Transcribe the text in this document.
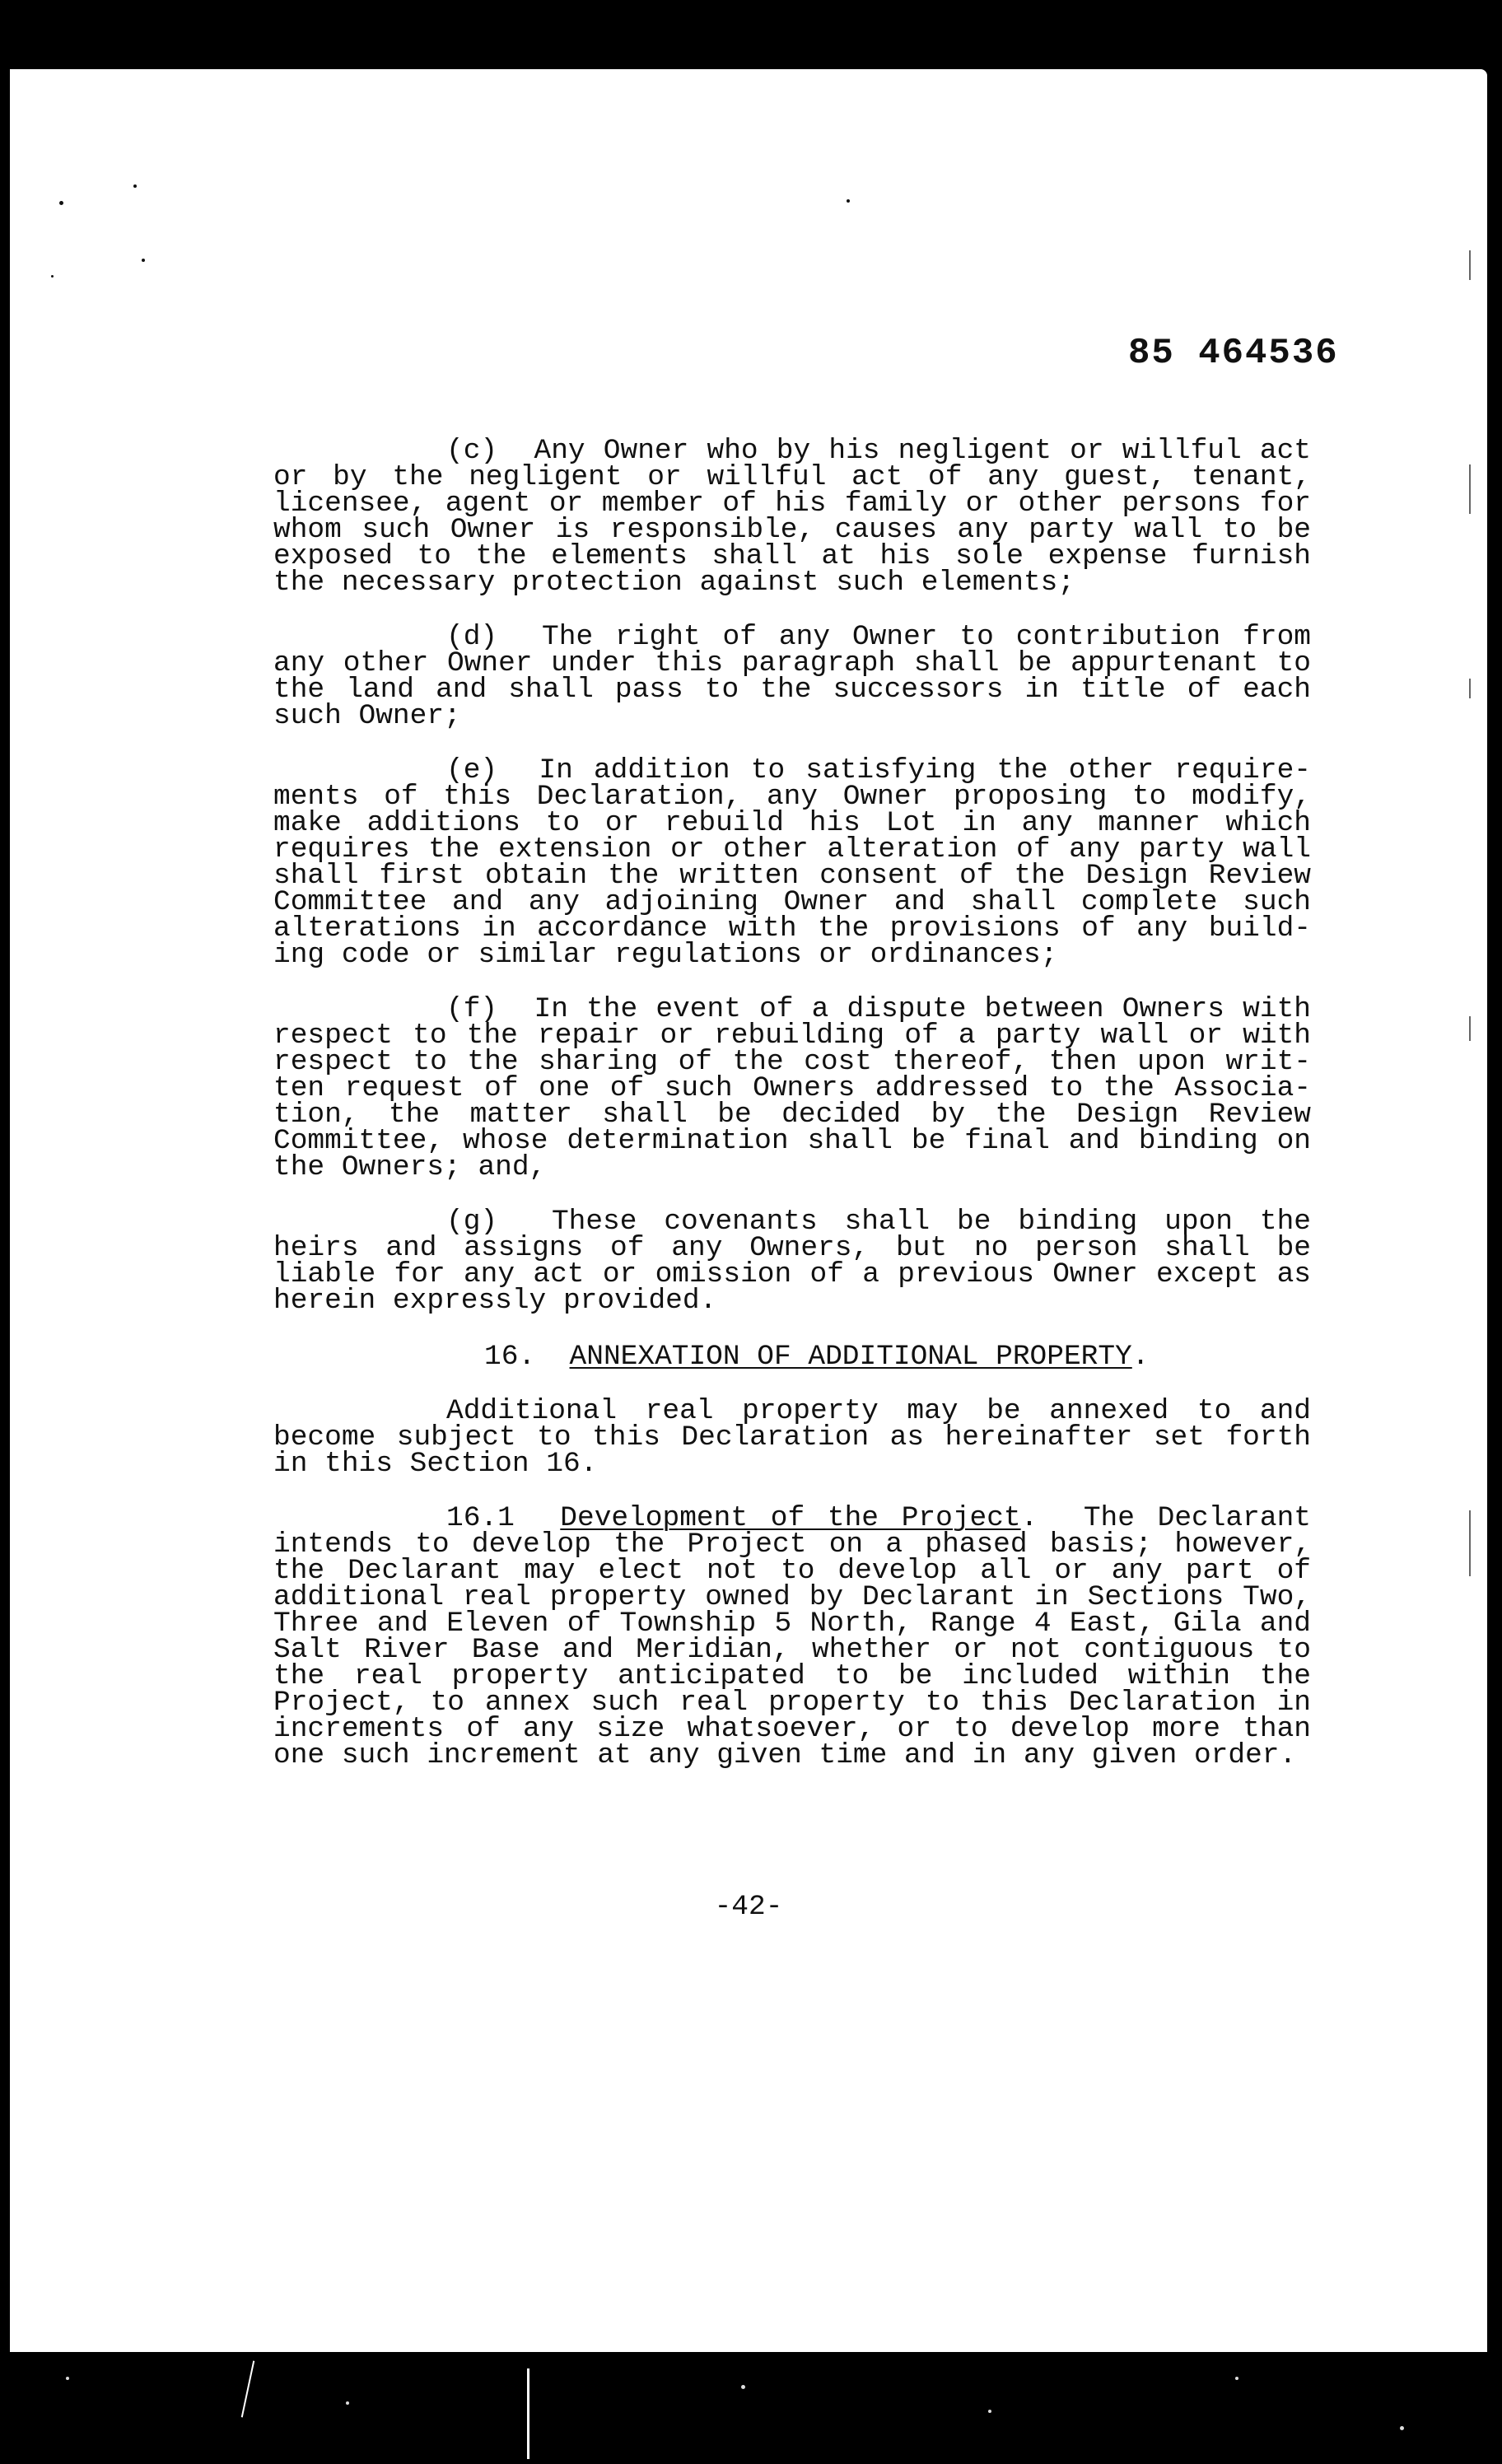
85 464536

(c) Any Owner who by his negligent or willful act or by the negligent or willful act of any guest, tenant, licensee, agent or member of his family or other persons for whom such Owner is responsible, causes any party wall to be exposed to the elements shall at his sole expense furnish the necessary protection against such elements;

(d) The right of any Owner to contribution from any other Owner under this paragraph shall be appurtenant to the land and shall pass to the successors in title of each such Owner;

(e) In addition to satisfying the other require-ments of this Declaration, any Owner proposing to modify, make additions to or rebuild his Lot in any manner which requires the extension or other alteration of any party wall shall first obtain the written consent of the Design Review Committee and any adjoining Owner and shall complete such alterations in accordance with the provisions of any build-ing code or similar regulations or ordinances;

(f) In the event of a dispute between Owners with respect to the repair or rebuilding of a party wall or with respect to the sharing of the cost thereof, then upon writ-ten request of one of such Owners addressed to the Associa-tion, the matter shall be decided by the Design Review Committee, whose determination shall be final and binding on the Owners; and,

(g) These covenants shall be binding upon the heirs and assigns of any Owners, but no person shall be liable for any act or omission of a previous Owner except as herein expressly provided.

16. ANNEXATION OF ADDITIONAL PROPERTY.

Additional real property may be annexed to and become subject to this Declaration as hereinafter set forth in this Section 16.

16.1 Development of the Project. The Declarant intends to develop the Project on a phased basis; however, the Declarant may elect not to develop all or any part of additional real property owned by Declarant in Sections Two, Three and Eleven of Township 5 North, Range 4 East, Gila and Salt River Base and Meridian, whether or not contiguous to the real property anticipated to be included within the Project, to annex such real property to this Declaration in increments of any size whatsoever, or to develop more than one such increment at any given time and in any given order.

-42-
